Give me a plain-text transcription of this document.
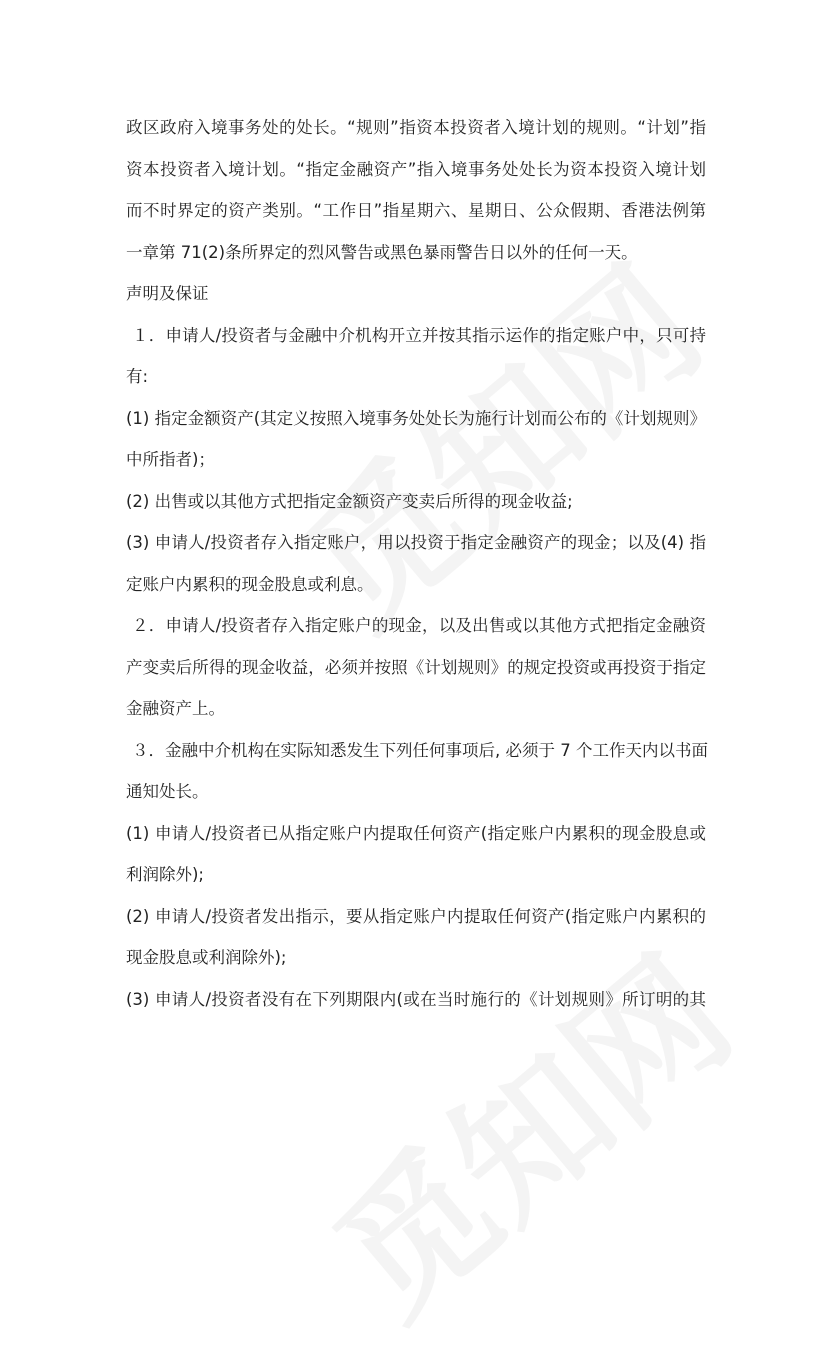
政区政府入境事务处的处长。“规则”指资本投资者入境计划的规则。“计划”指
资本投资者入境计划。“指定金融资产”指入境事务处处长为资本投资入境计划
而不时界定的资产类别。“工作日”指星期六、星期日、公众假期、香港法例第
一章第 71(2)条所界定的烈风警告或黑色暴雨警告日以外的任何一天。
声明及保证
１．申请人/投资者与金融中介机构开立并按其指示运作的指定账户中，只可持
有:
(1) 指定金额资产(其定义按照入境事务处处长为施行计划而公布的《计划规则》
中所指者)；
(2) 出售或以其他方式把指定金额资产变卖后所得的现金收益;
(3) 申请人/投资者存入指定账户，用以投资于指定金融资产的现金；以及(4) 指
定账户内累积的现金股息或利息。
２．申请人/投资者存入指定账户的现金，以及出售或以其他方式把指定金融资
产变卖后所得的现金收益，必须并按照《计划规则》的规定投资或再投资于指定
金融资产上。
３．金融中介机构在实际知悉发生下列任何事项后, 必须于 7 个工作天内以书面
通知处长。
(1) 申请人/投资者已从指定账户内提取任何资产(指定账户内累积的现金股息或
利润除外);
(2) 申请人/投资者发出指示，要从指定账户内提取任何资产(指定账户内累积的
现金股息或利润除外);
(3) 申请人/投资者没有在下列期限内(或在当时施行的《计划规则》所订明的其
